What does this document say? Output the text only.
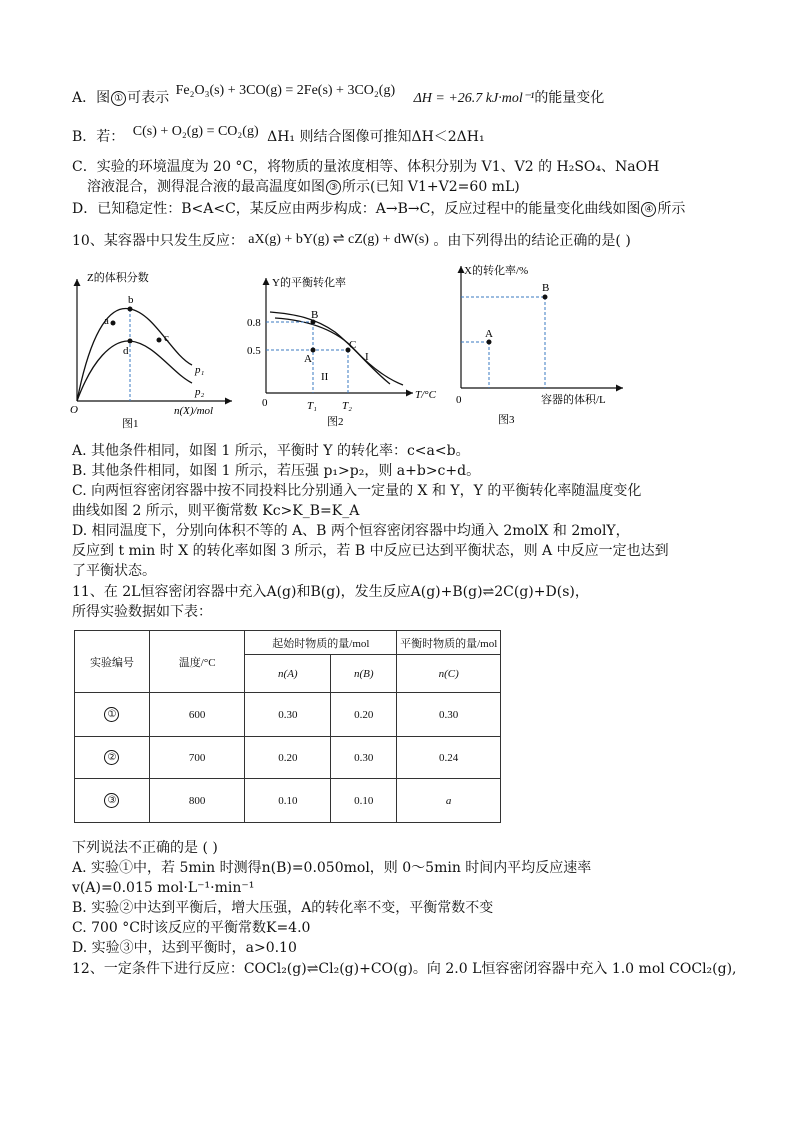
A．图 ① 可表示 Fe₂O₃(s) + 3CO(g) = 2Fe(s) + 3CO₂(g) ΔH = +26.7 kJ·mol⁻¹的能量变化
B．若： C(s) + O₂(g) = CO₂(g) ΔH₁ 则结合图像可推知ΔH＜2ΔH₁
C．实验的环境温度为 20 °C，将物质的量浓度相等、体积分别为 V1、V2 的 H₂SO₄、NaOH
溶液混合，测得混合液的最高温度如图 ③ 所示(已知 V1+V2=60 mL)
D．已知稳定性：B<A<C，某反应由两步构成：A→B→C，反应过程中的能量变化曲线如图 ④ 所示
10、某容器中只发生反应： aX(g) + bY(g) ⇌ cZ(g) + dW(s) 。由下列得出的结论正确的是( )
Z的体积分数
n(X)/mol
O
图1
a
b
c
d
p₁
p₂
Y的平衡转化率
T/°C
0
图2
0.8
0.5
B
A
C
I
II
T₁ T₂
X的转化率/%
容器的体积/L
0
图3
B
A
A. 其他条件相同，如图 1 所示，平衡时 Y 的转化率：c<a<b。
B. 其他条件相同，如图 1 所示，若压强 p₁>p₂，则 a+b>c+d。
C. 向两恒容密闭容器中按不同投料比分别通入一定量的 X 和 Y，Y 的平衡转化率随温度变化
曲线如图 2 所示，则平衡常数 Kc>K_B=K_A
D. 相同温度下，分别向体积不等的 A、B 两个恒容密闭容器中均通入 2molX 和 2molY，
反应到 t min 时 X 的转化率如图 3 所示，若 B 中反应已达到平衡状态，则 A 中反应一定也达到
了平衡状态。
11、在 2L恒容密闭容器中充入A(g)和B(g)，发生反应A(g)+B(g)⇌2C(g)+D(s)，
所得实验数据如下表：
实验编号	温度/°C	起始时物质的量/mol		平衡时物质的量/mol
		n(A)	n(B)	n(C)
①	600	0.30	0.20	0.30
②	700	0.20	0.30	0.24
③	800	0.10	0.10	a
下列说法不正确的是 ( )
A. 实验①中，若 5min 时测得n(B)=0.050mol，则 0～5min 时间内平均反应速率
v(A)=0.015 mol·L⁻¹·min⁻¹
B. 实验②中达到平衡后，增大压强，A的转化率不变，平衡常数不变
C. 700 °C时该反应的平衡常数K=4.0
D. 实验③中，达到平衡时，a>0.10
12、一定条件下进行反应：COCl₂(g)⇌Cl₂(g)+CO(g)。向 2.0 L恒容密闭容器中充入 1.0 mol COCl₂(g),
